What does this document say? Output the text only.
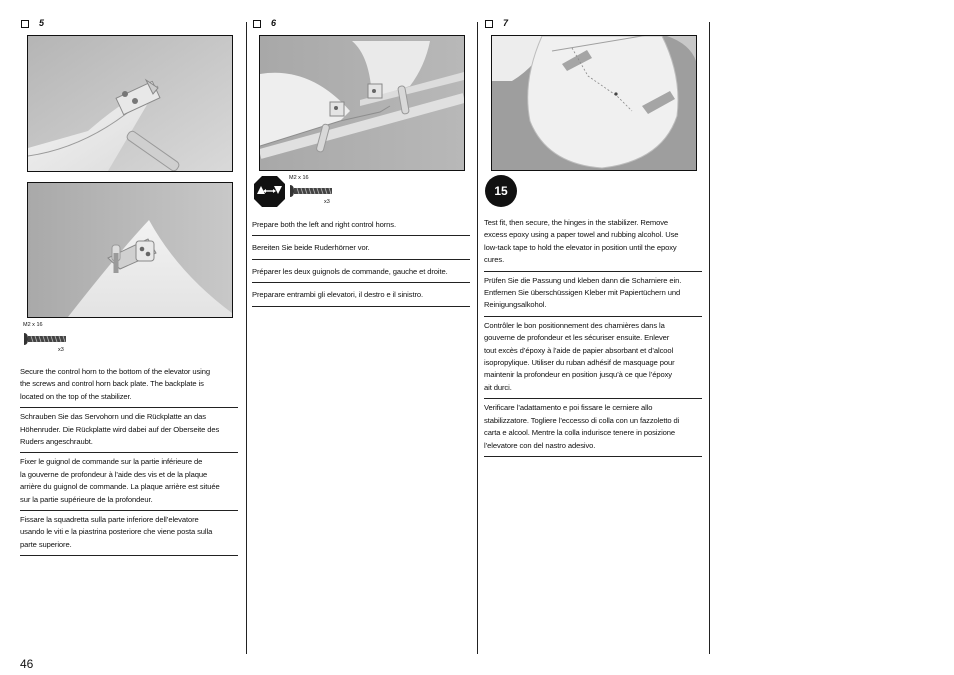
5
M2 x 16
x3
Secure the control horn to the bottom of the elevator using
the screws and control horn back plate. The backplate is
located on the top of the stabilizer.
Schrauben Sie das Servohorn und die Rückplatte an das
Höhenruder. Die Rückplatte wird dabei auf der Oberseite des
Ruders angeschraubt.
Fixer le guignol de commande sur la partie inférieure de
la gouverne de profondeur à l’aide des vis et de la plaque
arrière du guignol de commande. La plaque arrière est située
sur la partie supérieure de la profondeur.
Fissare la squadretta sulla parte inferiore dell’elevatore
usando le viti e la piastrina posteriore che viene posta sulla
parte superiore.
6
M2 x 16
x3
Prepare both the left and right control horns.
Bereiten Sie beide Ruderhörner vor.
Préparer les deux guignols de commande, gauche et droite.
Preparare entrambi gli elevatori, il destro e il sinistro.
7
15
Test fit, then secure, the hinges in the stabilizer. Remove
excess epoxy using a paper towel and rubbing alcohol. Use
low-tack tape to hold the elevator in position until the epoxy
cures.
Prüfen Sie die Passung und kleben dann die Scharniere ein.
Entfernen Sie überschüssigen Kleber mit Papiertüchern und
Reinigungsalkohol.
Contrôler le bon positionnement des charnières dans la
gouverne de profondeur et les sécuriser ensuite. Enlever
tout excès d’époxy à l’aide de papier absorbant et d’alcool
isopropylique. Utiliser du ruban adhésif de masquage pour
maintenir la profondeur en position jusqu’à ce que l’époxy
ait durci.
Verificare l’adattamento e poi fissare le cerniere allo
stabilizzatore. Togliere l’eccesso di colla con un fazzoletto di
carta e alcool. Mentre la colla indurisce tenere in posizione
l’elevatore con del nastro adesivo.
46
